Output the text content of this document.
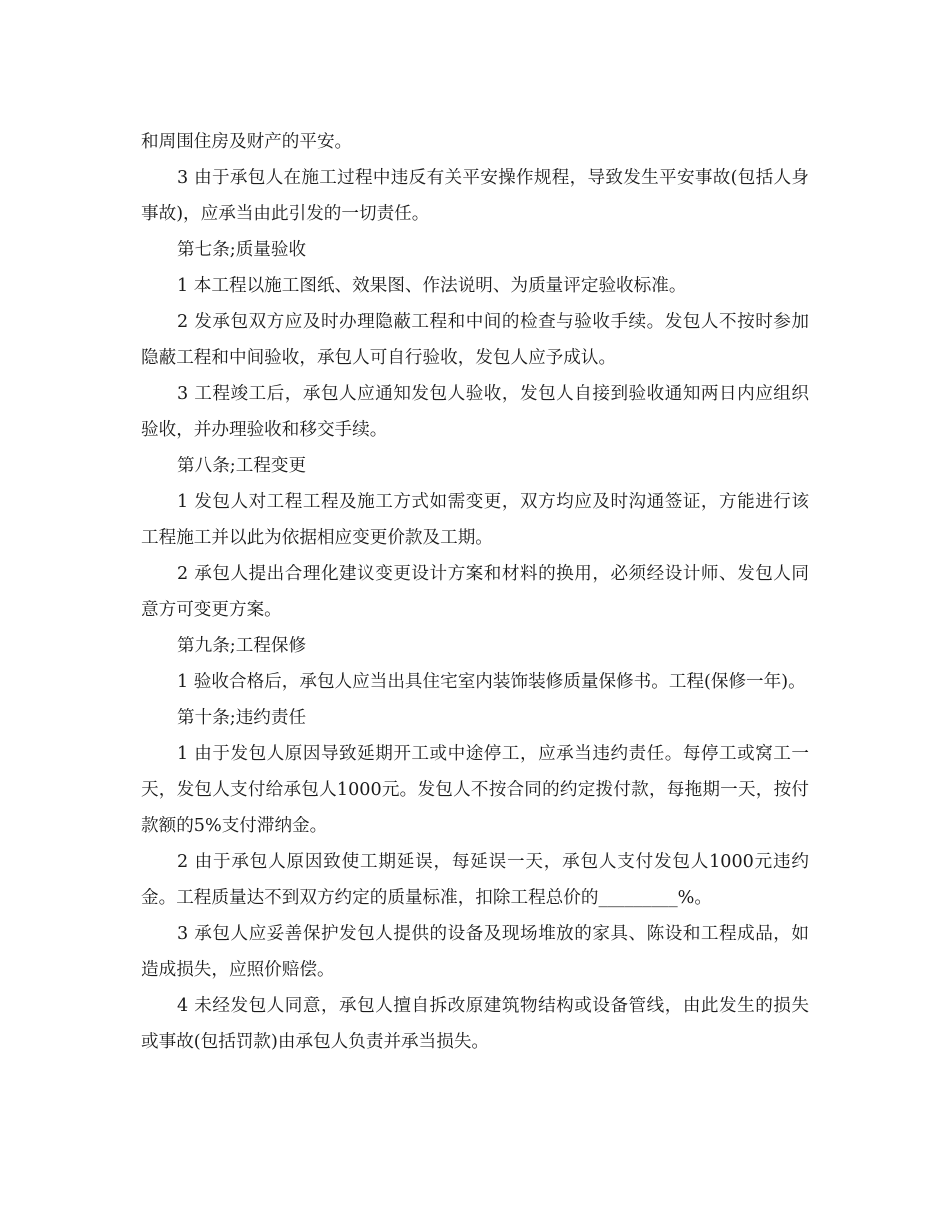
和周围住房及财产的平安。

3 由于承包人在施工过程中违反有关平安操作规程，导致发生平安事故(包括人身事故)，应承当由此引发的一切责任。

第七条;质量验收

1 本工程以施工图纸、效果图、作法说明、为质量评定验收标准。

2 发承包双方应及时办理隐蔽工程和中间的检查与验收手续。发包人不按时参加隐蔽工程和中间验收，承包人可自行验收，发包人应予成认。

3 工程竣工后，承包人应通知发包人验收，发包人自接到验收通知两日内应组织验收，并办理验收和移交手续。

第八条;工程变更

1 发包人对工程工程及施工方式如需变更，双方均应及时沟通签证，方能进行该工程施工并以此为依据相应变更价款及工期。

2 承包人提出合理化建议变更设计方案和材料的换用，必须经设计师、发包人同意方可变更方案。

第九条;工程保修

1 验收合格后，承包人应当出具住宅室内装饰装修质量保修书。工程(保修一年)。

第十条;违约责任

1 由于发包人原因导致延期开工或中途停工，应承当违约责任。每停工或窝工一天，发包人支付给承包人1000元。发包人不按合同的约定拨付款，每拖期一天，按付款额的5%支付滞纳金。

2 由于承包人原因致使工期延误，每延误一天，承包人支付发包人1000元违约金。工程质量达不到双方约定的质量标准，扣除工程总价的_________%。

3 承包人应妥善保护发包人提供的设备及现场堆放的家具、陈设和工程成品，如造成损失，应照价赔偿。

4 未经发包人同意，承包人擅自拆改原建筑物结构或设备管线，由此发生的损失或事故(包括罚款)由承包人负责并承当损失。
